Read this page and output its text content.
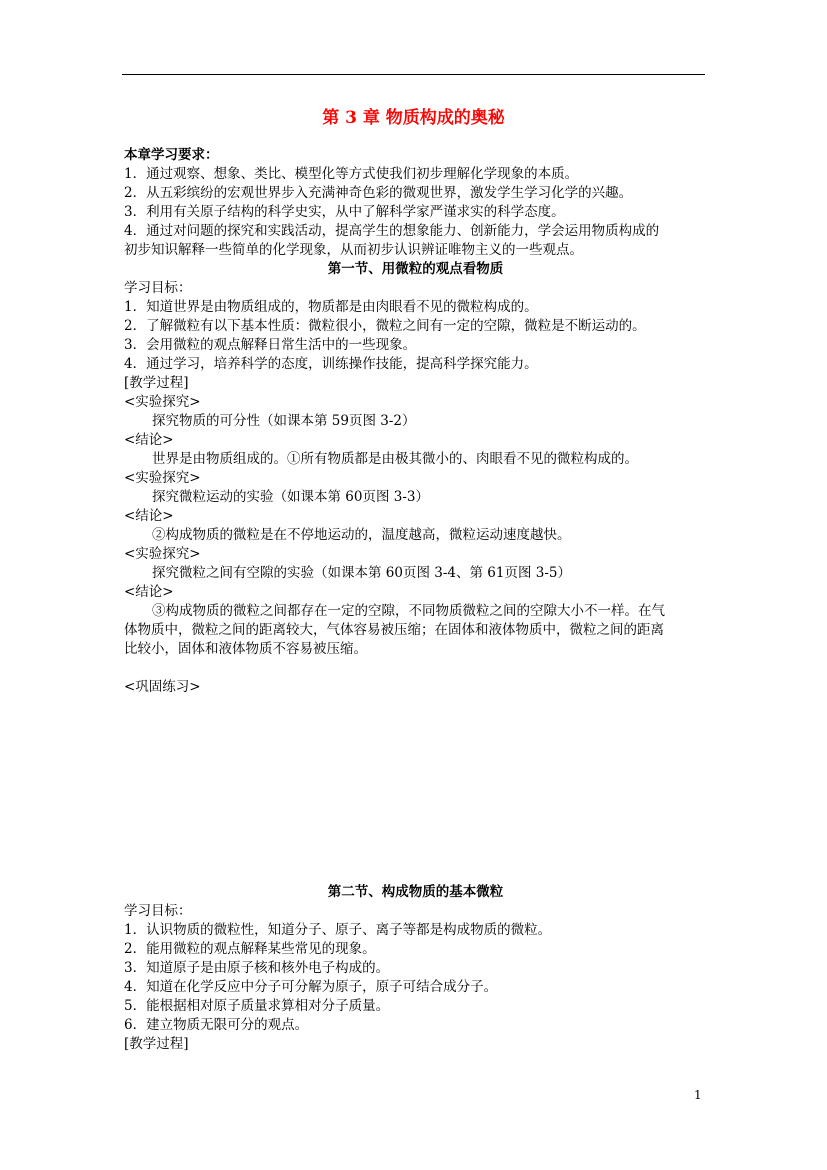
第 3 章 物质构成的奥秘
本章学习要求：
1．通过观察、想象、类比、模型化等方式使我们初步理解化学现象的本质。
2．从五彩缤纷的宏观世界步入充满神奇色彩的微观世界，激发学生学习化学的兴趣。
3．利用有关原子结构的科学史实，从中了解科学家严谨求实的科学态度。
4．通过对问题的探究和实践活动，提高学生的想象能力、创新能力，学会运用物质构成的
初步知识解释一些简单的化学现象，从而初步认识辨证唯物主义的一些观点。
第一节、用微粒的观点看物质
学习目标：
1．知道世界是由物质组成的，物质都是由肉眼看不见的微粒构成的。
2．了解微粒有以下基本性质：微粒很小，微粒之间有一定的空隙，微粒是不断运动的。
3．会用微粒的观点解释日常生活中的一些现象。
4．通过学习，培养科学的态度，训练操作技能，提高科学探究能力。
[教学过程]
<实验探究>
探究物质的可分性（如课本第 59页图 3-2）
<结论>
世界是由物质组成的。①所有物质都是由极其微小的、肉眼看不见的微粒构成的。
<实验探究>
探究微粒运动的实验（如课本第 60页图 3-3）
<结论>
②构成物质的微粒是在不停地运动的，温度越高，微粒运动速度越快。
<实验探究>
探究微粒之间有空隙的实验（如课本第 60页图 3-4、第 61页图 3-5）
<结论>
③构成物质的微粒之间都存在一定的空隙，不同物质微粒之间的空隙大小不一样。在气
体物质中，微粒之间的距离较大，气体容易被压缩；在固体和液体物质中，微粒之间的距离
比较小，固体和液体物质不容易被压缩。
<巩固练习>
第二节、构成物质的基本微粒
学习目标：
1．认识物质的微粒性，知道分子、原子、离子等都是构成物质的微粒。
2．能用微粒的观点解释某些常见的现象。
3．知道原子是由原子核和核外电子构成的。
4．知道在化学反应中分子可分解为原子，原子可结合成分子。
5．能根据相对原子质量求算相对分子质量。
6．建立物质无限可分的观点。
[教学过程]
1
